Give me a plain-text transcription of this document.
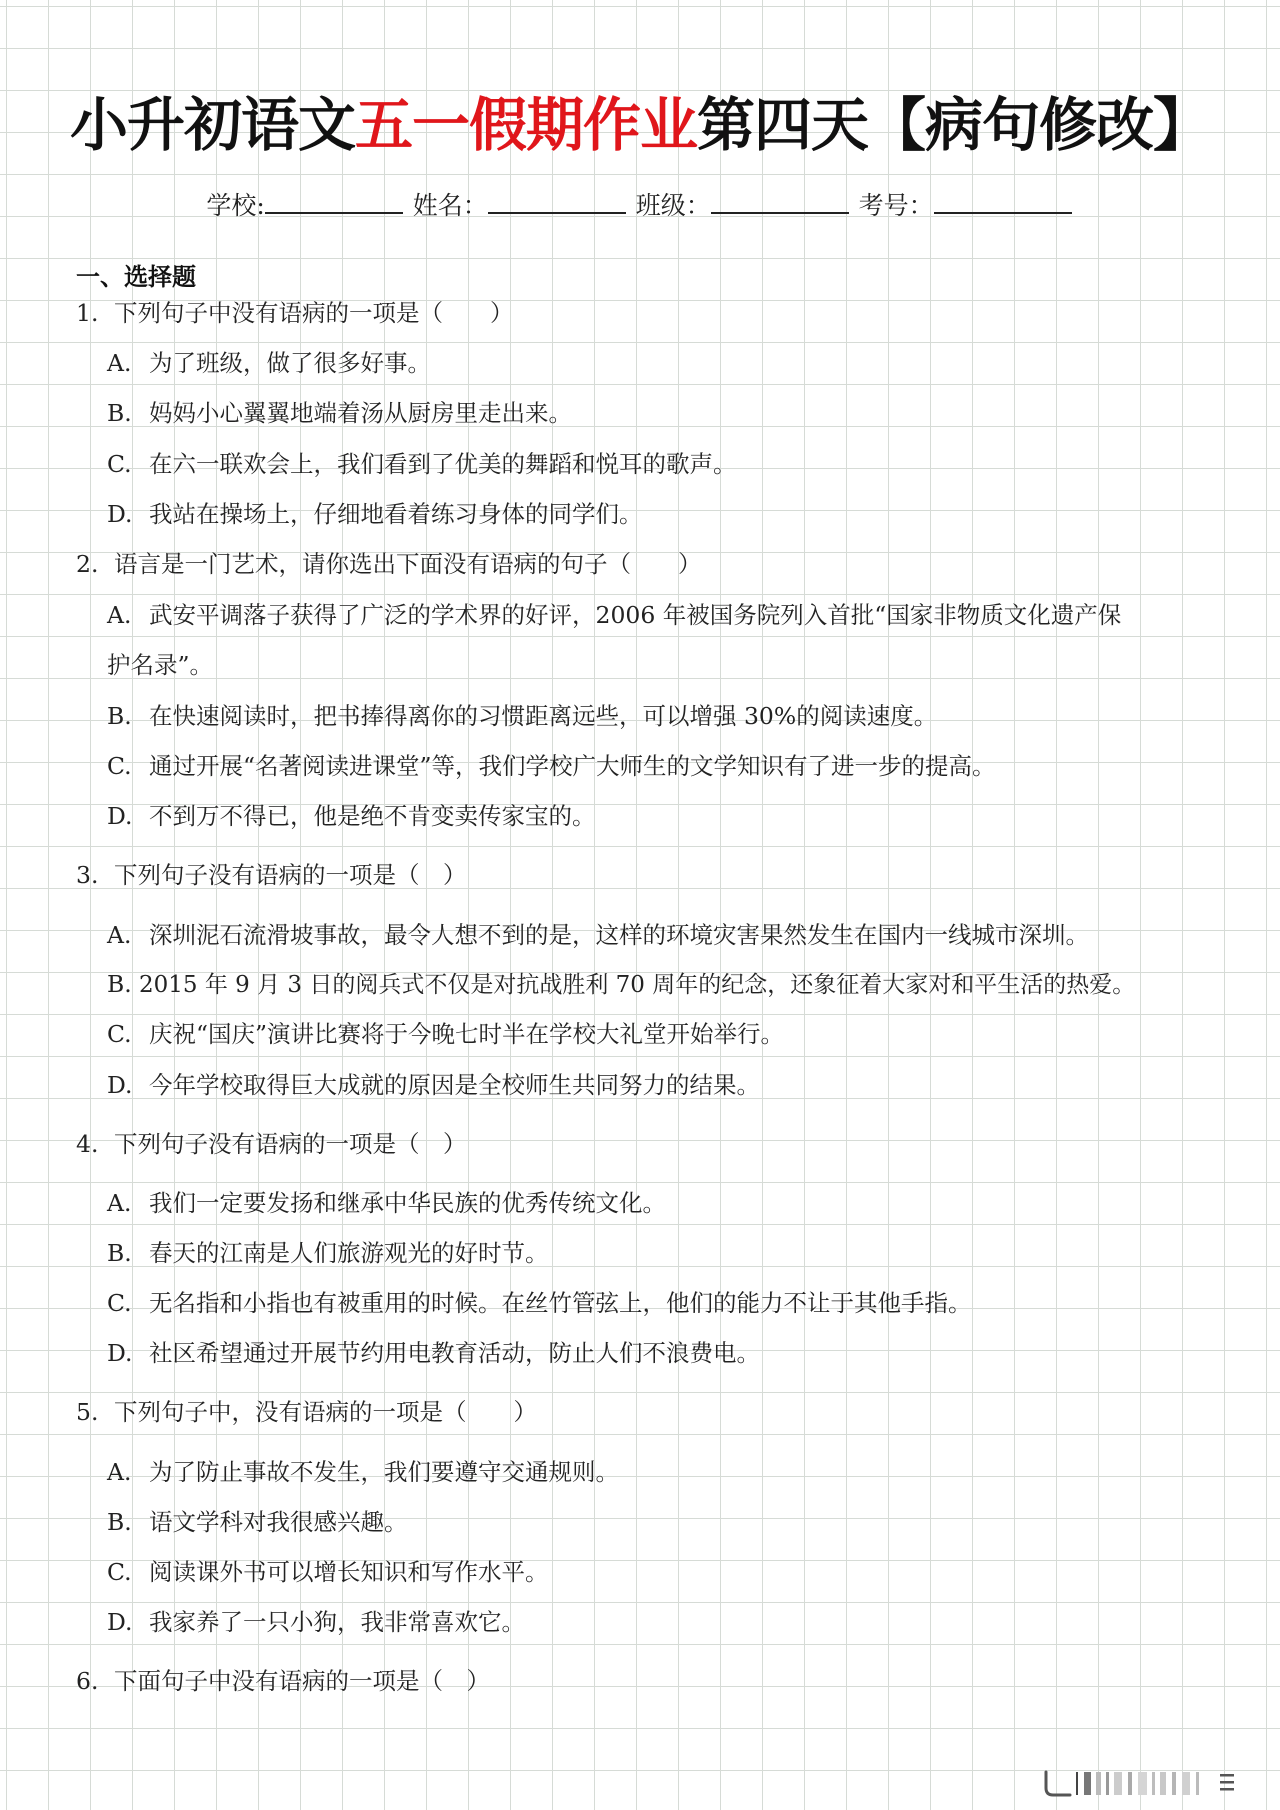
小升初语文五一假期作业第四天【病句修改】
学校:	姓名：	班级：	考号：
一、选择题
1. 下列句子中没有语病的一项是（　　）
A. 为了班级，做了很多好事。
B. 妈妈小心翼翼地端着汤从厨房里走出来。
C. 在六一联欢会上，我们看到了优美的舞蹈和悦耳的歌声。
D. 我站在操场上，仔细地看着练习身体的同学们。
2. 语言是一门艺术，请你选出下面没有语病的句子（　　）
A. 武安平调落子获得了广泛的学术界的好评，2006 年被国务院列入首批“国家非物质文化遗产保
护名录”。
B. 在快速阅读时，把书捧得离你的习惯距离远些，可以增强 30%的阅读速度。
C. 通过开展“名著阅读进课堂”等，我们学校广大师生的文学知识有了进一步的提高。
D. 不到万不得已，他是绝不肯变卖传家宝的。
3. 下列句子没有语病的一项是（　）
A. 深圳泥石流滑坡事故，最令人想不到的是，这样的环境灾害果然发生在国内一线城市深圳。
B. 2015 年 9 月 3 日的阅兵式不仅是对抗战胜利 70 周年的纪念，还象征着大家对和平生活的热爱。
C. 庆祝“国庆”演讲比赛将于今晚七时半在学校大礼堂开始举行。
D. 今年学校取得巨大成就的原因是全校师生共同努力的结果。
4. 下列句子没有语病的一项是（　）
A. 我们一定要发扬和继承中华民族的优秀传统文化。
B. 春天的江南是人们旅游观光的好时节。
C. 无名指和小指也有被重用的时候。在丝竹管弦上，他们的能力不让于其他手指。
D. 社区希望通过开展节约用电教育活动，防止人们不浪费电。
5. 下列句子中，没有语病的一项是（　　）
A. 为了防止事故不发生，我们要遵守交通规则。
B. 语文学科对我很感兴趣。
C. 阅读课外书可以增长知识和写作水平。
D. 我家养了一只小狗，我非常喜欢它。
6. 下面句子中没有语病的一项是（　）
